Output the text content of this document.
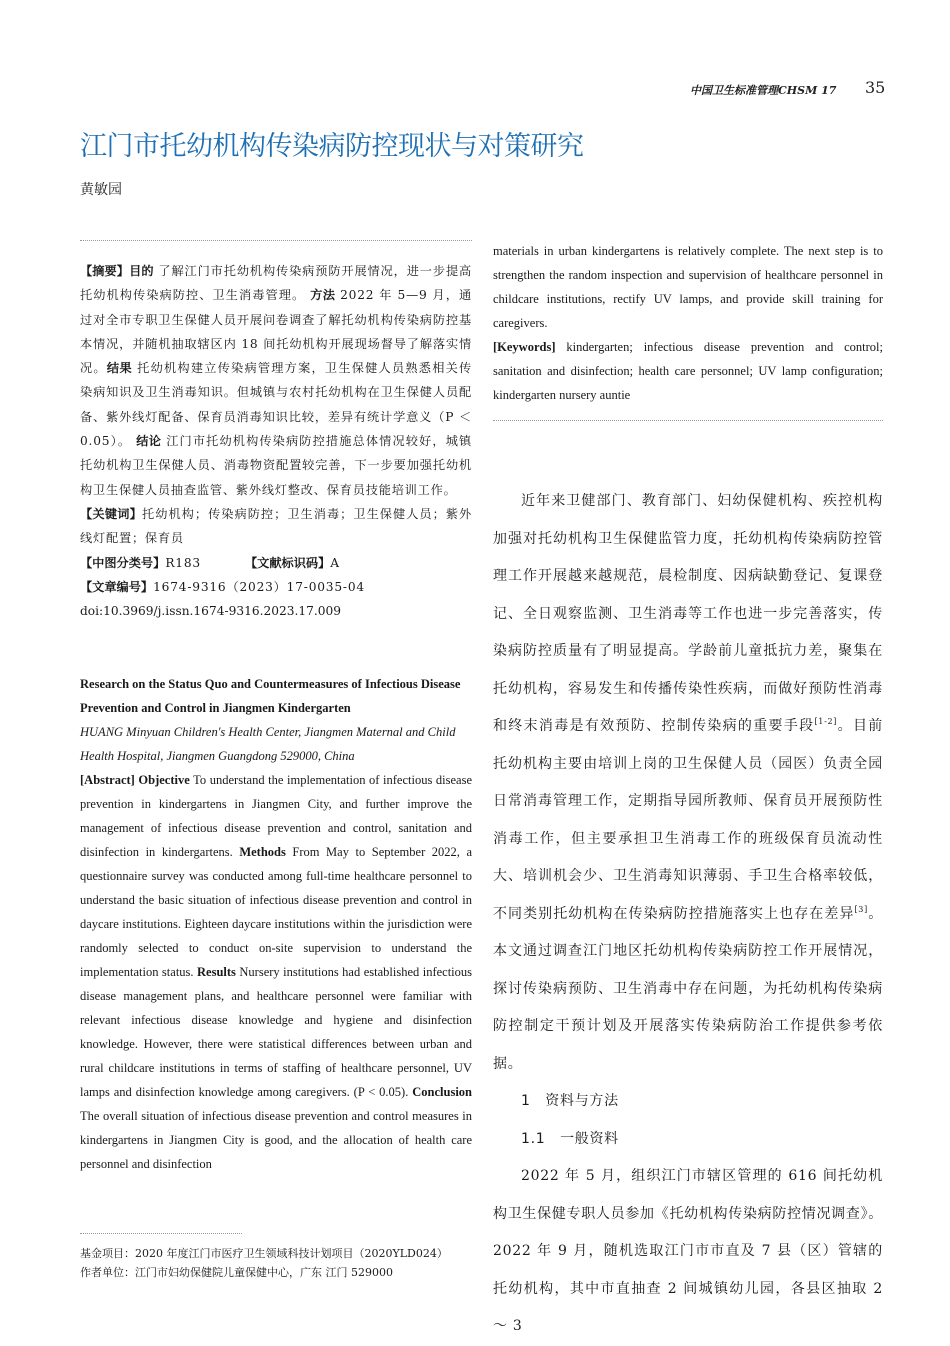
中国卫生标准管理CHSM 17 35
江门市托幼机构传染病防控现状与对策研究
黄敏园
【摘要】目的 了解江门市托幼机构传染病预防开展情况，进一步提高托幼机构传染病防控、卫生消毒管理。 方法 2022 年 5—9 月，通过对全市专职卫生保健人员开展问卷调查了解托幼机构传染病防控基本情况，并随机抽取辖区内 18 间托幼机构开展现场督导了解落实情况。结果 托幼机构建立传染病管理方案，卫生保健人员熟悉相关传染病知识及卫生消毒知识。但城镇与农村托幼机构在卫生保健人员配备、紫外线灯配备、保育员消毒知识比较，差异有统计学意义（P ＜ 0.05）。 结论 江门市托幼机构传染病防控措施总体情况较好，城镇托幼机构卫生保健人员、消毒物资配置较完善，下一步要加强托幼机构卫生保健人员抽查监管、紫外线灯整改、保育员技能培训工作。
【关键词】托幼机构；传染病防控；卫生消毒；卫生保健人员；紫外线灯配置；保育员
【中图分类号】R183	【文献标识码】A
【文章编号】1674-9316（2023）17-0035-04
doi:10.3969/j.issn.1674-9316.2023.17.009
Research on the Status Quo and Countermeasures of Infectious Disease Prevention and Control in Jiangmen Kindergarten
HUANG Minyuan Children's Health Center, Jiangmen Maternal and Child Health Hospital, Jiangmen Guangdong 529000, China
[Abstract] Objective To understand the implementation of infectious disease prevention in kindergartens in Jiangmen City, and further improve the management of infectious disease prevention and control, sanitation and disinfection in kindergartens. Methods From May to September 2022, a questionnaire survey was conducted among full-time healthcare personnel to understand the basic situation of infectious disease prevention and control in daycare institutions. Eighteen daycare institutions within the jurisdiction were randomly selected to conduct on-site supervision to understand the implementation status. Results Nursery institutions had established infectious disease management plans, and healthcare personnel were familiar with relevant infectious disease knowledge and hygiene and disinfection knowledge. However, there were statistical differences between urban and rural childcare institutions in terms of staffing of healthcare personnel, UV lamps and disinfection knowledge among caregivers. (P < 0.05). Conclusion The overall situation of infectious disease prevention and control measures in kindergartens in Jiangmen City is good, and the allocation of health care personnel and disinfection
基金项目：2020 年度江门市医疗卫生领域科技计划项目（2020YLD024）
作者单位：江门市妇幼保健院儿童保健中心，广东 江门 529000
materials in urban kindergartens is relatively complete. The next step is to strengthen the random inspection and supervision of healthcare personnel in childcare institutions, rectify UV lamps, and provide skill training for caregivers.
[Keywords] kindergarten; infectious disease prevention and control; sanitation and disinfection; health care personnel; UV lamp configuration; kindergarten nursery auntie

近年来卫健部门、教育部门、妇幼保健机构、疾控机构加强对托幼机构卫生保健监管力度，托幼机构传染病防控管理工作开展越来越规范，晨检制度、因病缺勤登记、复课登记、全日观察监测、卫生消毒等工作也进一步完善落实，传染病防控质量有了明显提高。学龄前儿童抵抗力差，聚集在托幼机构，容易发生和传播传染性疾病，而做好预防性消毒和终末消毒是有效预防、控制传染病的重要手段[1-2]。目前托幼机构主要由培训上岗的卫生保健人员（园医）负责全园日常消毒管理工作，定期指导园所教师、保育员开展预防性消毒工作，但主要承担卫生消毒工作的班级保育员流动性大、培训机会少、卫生消毒知识薄弱、手卫生合格率较低，不同类别托幼机构在传染病防控措施落实上也存在差异[3]。本文通过调查江门地区托幼机构传染病防控工作开展情况，探讨传染病预防、卫生消毒中存在问题，为托幼机构传染病防控制定干预计划及开展落实传染病防治工作提供参考依据。

1　资料与方法

1.1　一般资料

2022 年 5 月，组织江门市辖区管理的 616 间托幼机构卫生保健专职人员参加《托幼机构传染病防控情况调查》。2022 年 9 月，随机选取江门市市直及 7 县（区）管辖的托幼机构，其中市直抽查 2 间城镇幼儿园，各县区抽取 2 ～ 3
